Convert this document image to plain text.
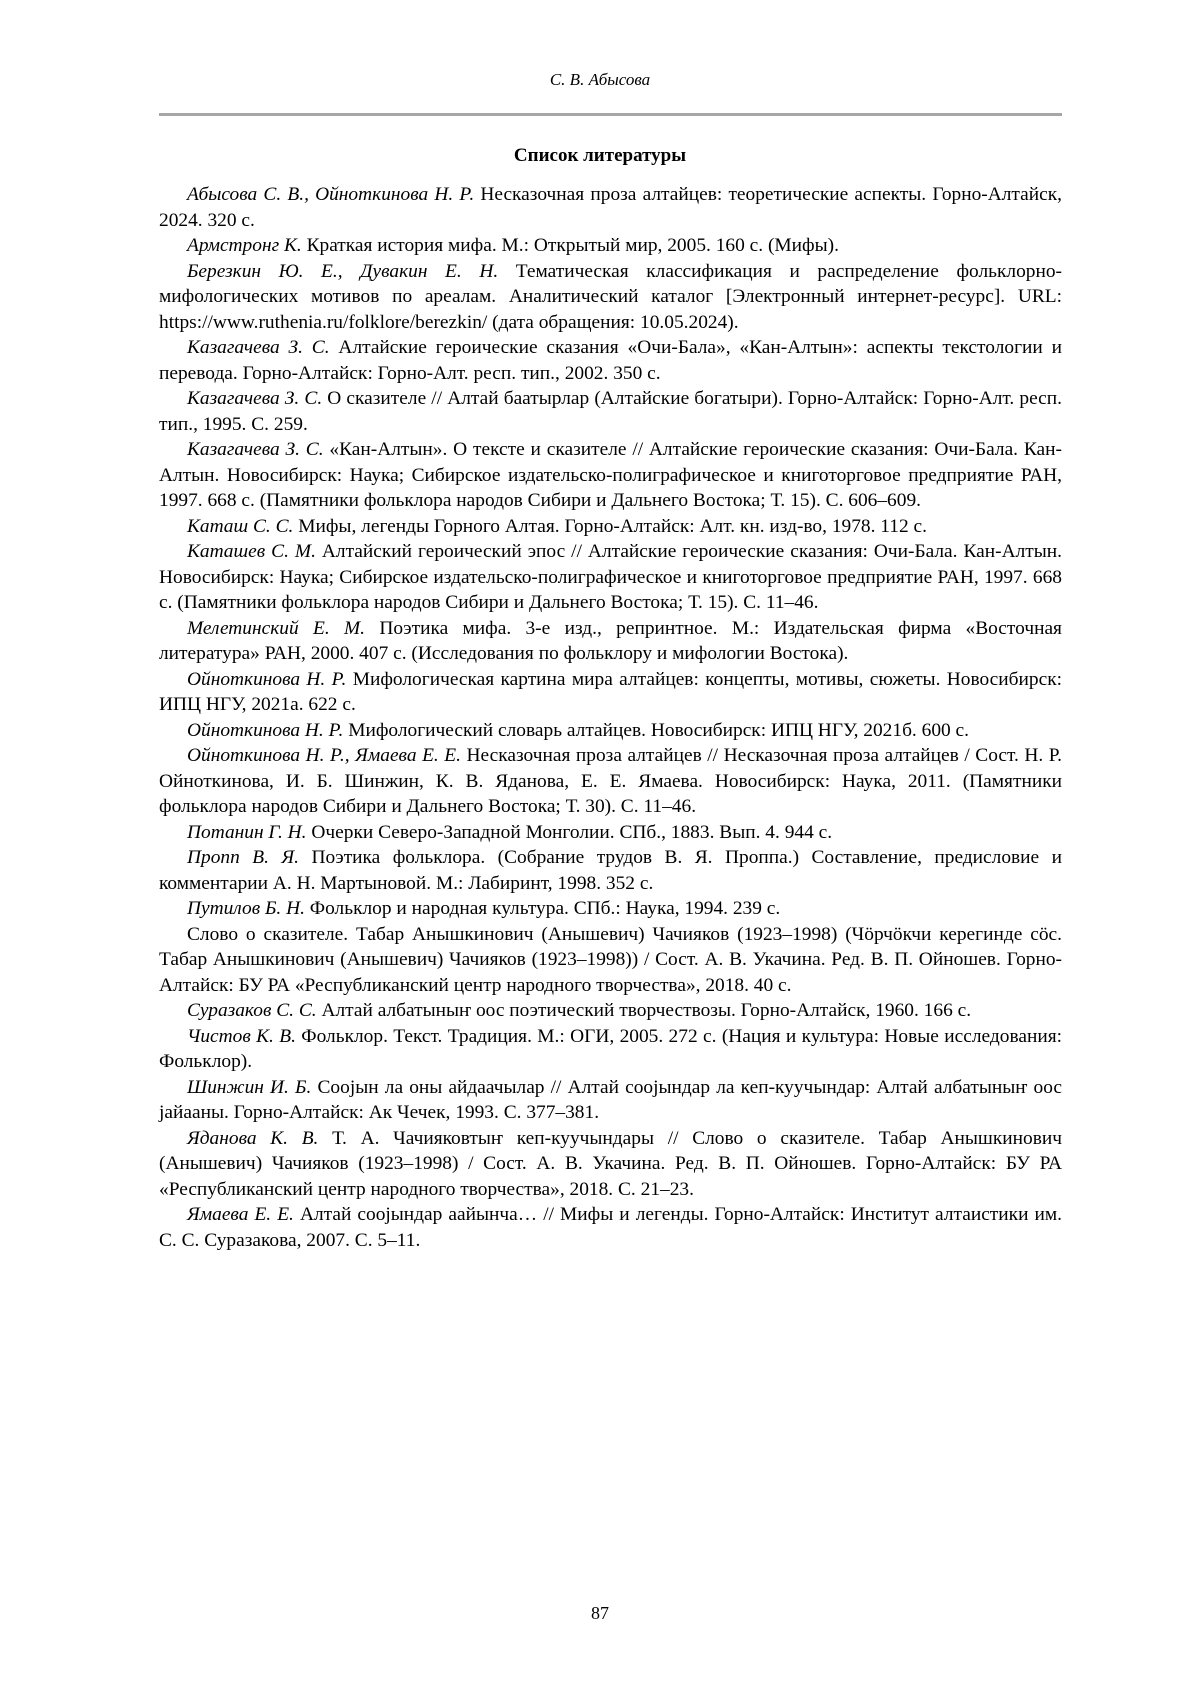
С. В. Абысова
Список литературы

Абысова С. В., Ойноткинова Н. Р. Несказочная проза алтайцев: теоретические аспекты. Горно-Алтайск, 2024. 320 с.

Армстронг К. Краткая история мифа. М.: Открытый мир, 2005. 160 с. (Мифы).

Березкин Ю. Е., Дувакин Е. Н. Тематическая классификация и распределение фольклорно-мифологических мотивов по ареалам. Аналитический каталог [Электронный интернет-ресурс]. URL: https://www.ruthenia.ru/folklore/berezkin/ (дата обращения: 10.05.2024).

Казагачева З. С. Алтайские героические сказания «Очи-Бала», «Кан-Алтын»: аспекты текстологии и перевода. Горно-Алтайск: Горно-Алт. респ. тип., 2002. 350 с.

Казагачева З. С. О сказителе // Алтай баатырлар (Алтайские богатыри). Горно-Алтайск: Горно-Алт. респ. тип., 1995. С. 259.

Казагачева З. С. «Кан-Алтын». О тексте и сказителе // Алтайские героические сказания: Очи-Бала. Кан-Алтын. Новосибирск: Наука; Сибирское издательско-полиграфическое и книготорговое предприятие РАН, 1997. 668 с. (Памятники фольклора народов Сибири и Дальнего Востока; Т. 15). С. 606–609.

Каташ С. С. Мифы, легенды Горного Алтая. Горно-Алтайск: Алт. кн. изд-во, 1978. 112 с.

Каташев С. М. Алтайский героический эпос // Алтайские героические сказания: Очи-Бала. Кан-Алтын. Новосибирск: Наука; Сибирское издательско-полиграфическое и книготорговое предприятие РАН, 1997. 668 с. (Памятники фольклора народов Сибири и Дальнего Востока; Т. 15). С. 11–46.

Мелетинский Е. М. Поэтика мифа. 3-е изд., репринтное. М.: Издательская фирма «Восточная литература» РАН, 2000. 407 с. (Исследования по фольклору и мифологии Востока).

Ойноткинова Н. Р. Мифологическая картина мира алтайцев: концепты, мотивы, сюжеты. Новосибирск: ИПЦ НГУ, 2021а. 622 с.

Ойноткинова Н. Р. Мифологический словарь алтайцев. Новосибирск: ИПЦ НГУ, 2021б. 600 с.

Ойноткинова Н. Р., Ямаева Е. Е. Несказочная проза алтайцев // Несказочная проза алтайцев / Сост. Н. Р. Ойноткинова, И. Б. Шинжин, К. В. Яданова, Е. Е. Ямаева. Новосибирск: Наука, 2011. (Памятники фольклора народов Сибири и Дальнего Востока; Т. 30). С. 11–46.

Потанин Г. Н. Очерки Северо-Западной Монголии. СПб., 1883. Вып. 4. 944 с.

Пропп В. Я. Поэтика фольклора. (Собрание трудов В. Я. Проппа.) Составление, предисловие и комментарии А. Н. Мартыновой. М.: Лабиринт, 1998. 352 с.

Путилов Б. Н. Фольклор и народная культура. СПб.: Наука, 1994. 239 с.

Слово о сказителе. Табар Анышкинович (Анышевич) Чачияков (1923–1998) (Чӧрчӧкчи керегинде сӧс. Табар Анышкинович (Анышевич) Чачияков (1923–1998)) / Сост. А. В. Укачина. Ред. В. П. Ойношев. Горно-Алтайск: БУ РА «Республиканский центр народного творчества», 2018. 40 с.

Суразаков С. С. Алтай албатыныҥ оос поэтический творчествозы. Горно-Алтайск, 1960. 166 с.

Чистов К. В. Фольклор. Текст. Традиция. М.: ОГИ, 2005. 272 с. (Нация и культура: Новые исследования: Фольклор).

Шинжин И. Б. Соојын ла оны айдаачылар // Алтай соојындар ла кеп-куучындар: Алтай албатыныҥ оос јайааны. Горно-Алтайск: Ак Чечек, 1993. С. 377–381.

Яданова К. В. Т. А. Чачияковтыҥ кеп-куучындары // Слово о сказителе. Табар Анышкинович (Анышевич) Чачияков (1923–1998) / Сост. А. В. Укачина. Ред. В. П. Ойношев. Горно-Алтайск: БУ РА «Республиканский центр народного творчества», 2018. С. 21–23.

Ямаева Е. Е. Алтай соојындар аайынча… // Мифы и легенды. Горно-Алтайск: Институт алтаистики им. С. С. Суразакова, 2007. С. 5–11.

87
